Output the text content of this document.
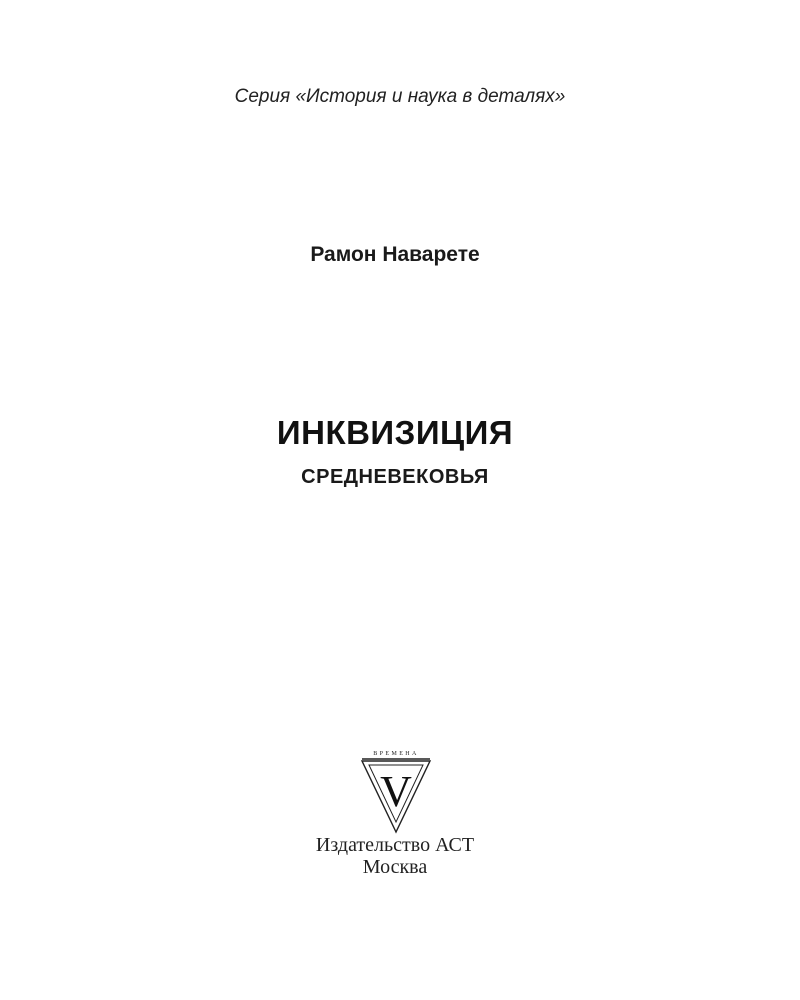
Серия «История и наука в деталях»
Рамон Наварете
ИНКВИЗИЦИЯ
СРЕДНЕВЕКОВЬЯ
ВРЕМЕНА
V
Издательство АСТ
Москва
